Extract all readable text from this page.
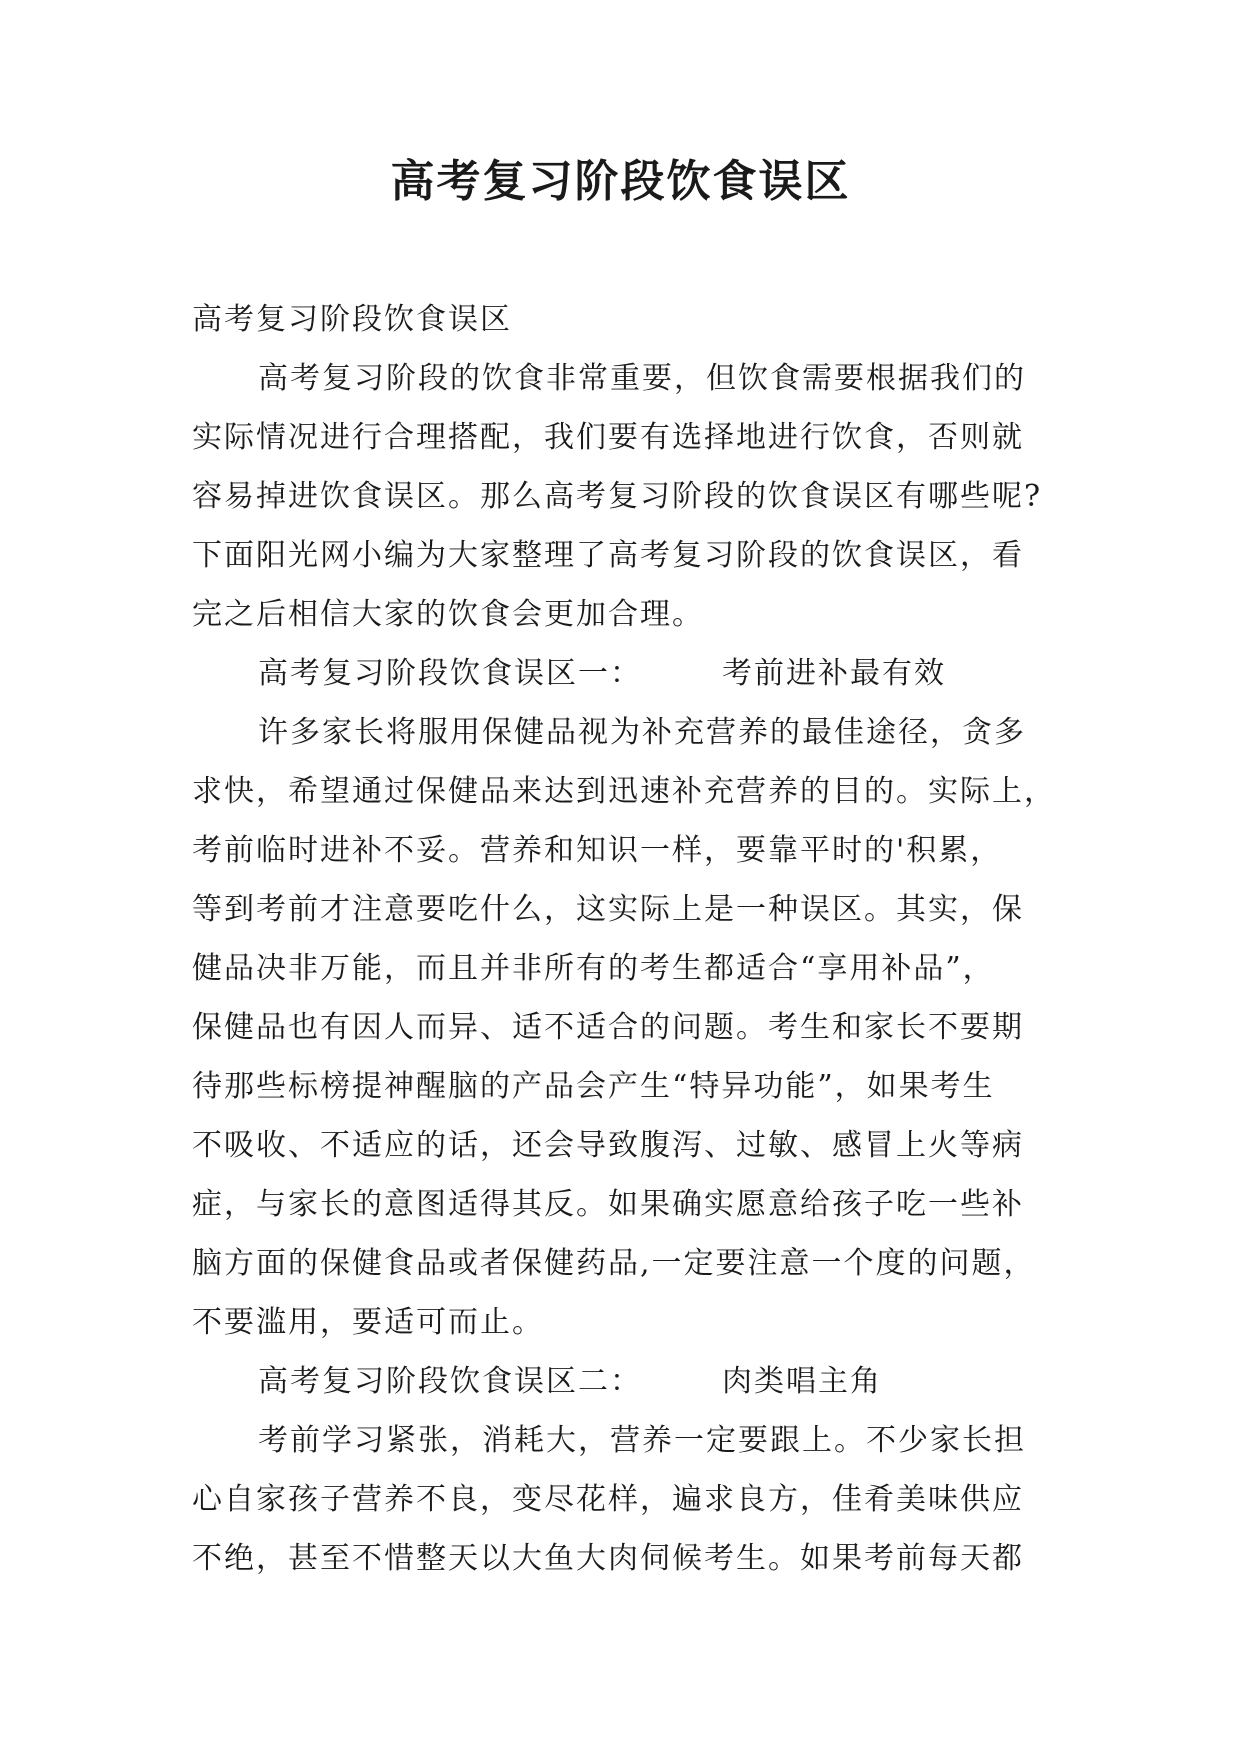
高考复习阶段饮食误区
高考复习阶段饮食误区
高考复习阶段的饮食非常重要，但饮食需要根据我们的
实际情况进行合理搭配，我们要有选择地进行饮食，否则就
容易掉进饮食误区。那么高考复习阶段的饮食误区有哪些呢?
下面阳光网小编为大家整理了高考复习阶段的饮食误区，看
完之后相信大家的饮食会更加合理。
高考复习阶段饮食误区一：	考前进补最有效
许多家长将服用保健品视为补充营养的最佳途径，贪多
求快，希望通过保健品来达到迅速补充营养的目的。实际上，
考前临时进补不妥。营养和知识一样，要靠平时的'积累，
等到考前才注意要吃什么，这实际上是一种误区。其实，保
健品决非万能，而且并非所有的考生都适合“享用补品”，
保健品也有因人而异、适不适合的问题。考生和家长不要期
待那些标榜提神醒脑的产品会产生“特异功能”，如果考生
不吸收、不适应的话，还会导致腹泻、过敏、感冒上火等病
症，与家长的意图适得其反。如果确实愿意给孩子吃一些补
脑方面的保健食品或者保健药品,一定要注意一个度的问题，
不要滥用，要适可而止。
高考复习阶段饮食误区二：	肉类唱主角
考前学习紧张，消耗大，营养一定要跟上。不少家长担
心自家孩子营养不良，变尽花样，遍求良方，佳肴美味供应
不绝，甚至不惜整天以大鱼大肉伺候考生。如果考前每天都
